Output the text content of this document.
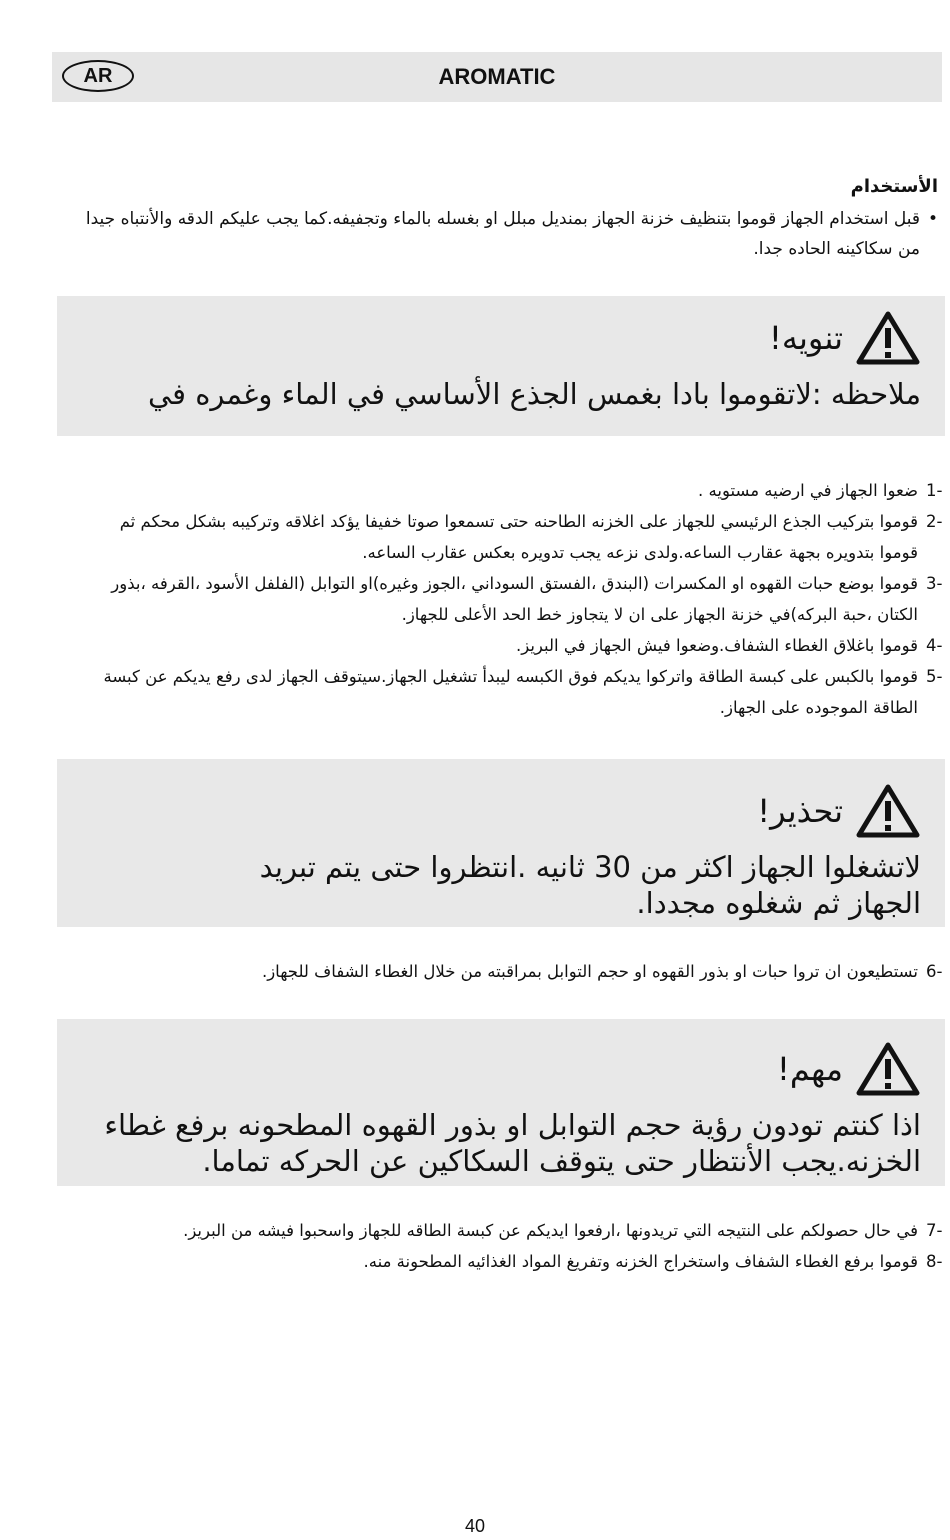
AR	AROMATIC
الأستخدام
•
قبل استخدام الجهاز قوموا بتنظيف خزنة الجهاز بمنديل مبلل او بغسله بالماء وتجفيفه.كما يجب عليكم الدقه والأنتباه جيدا من سكاكينه الحاده جدا.
تنويه!
ملاحظه :لاتقوموا بادا بغمس الجذع الأساسي في الماء وغمره في
1-
ضعوا الجهاز في ارضيه مستويه .
2-
قوموا بتركيب الجذع الرئيسي للجهاز على الخزنه الطاحنه حتى تسمعوا صوتا خفيفا يؤكد اغلاقه وتركيبه بشكل محكم ثم قوموا بتدويره بجهة عقارب الساعه.ولدى نزعه يجب تدويره بعكس عقارب الساعه.
3-
قوموا بوضع حبات القهوه او المكسرات (البندق ،الفستق السوداني ،الجوز وغيره)او التوابل (الفلفل الأسود ،القرفه ،بذور الكتان ،حبة البركه)في خزنة الجهاز على ان لا يتجاوز خط الحد الأعلى للجهاز.
4-
قوموا باغلاق الغطاء الشفاف.وضعوا فيش الجهاز في البريز.
5-
قوموا بالكبس على كبسة الطاقة واتركوا يديكم فوق الكبسه ليبدأ تشغيل الجهاز.سيتوقف الجهاز لدى رفع يديكم عن كبسة الطاقة الموجوده على الجهاز.
تحذير!
لاتشغلوا الجهاز اكثر من 30 ثانيه .انتظروا حتى يتم تبريد الجهاز ثم شغلوه مجددا.
6-
تستطيعون ان تروا حبات او بذور القهوه او حجم التوابل بمراقبته من خلال الغطاء الشفاف للجهاز.
مهم!
اذا كنتم تودون رؤية حجم التوابل او بذور القهوه المطحونه برفع غطاء الخزنه.يجب الأنتظار حتى يتوقف السكاكين عن الحركه تماما.
7-
في حال حصولكم على النتيجه التي تريدونها ،ارفعوا ايديكم عن كبسة الطاقه للجهاز واسحبوا فيشه من البريز.
8-
قوموا برفع الغطاء الشفاف واستخراج الخزنه وتفريغ المواد الغذائيه المطحونة منه.
40
